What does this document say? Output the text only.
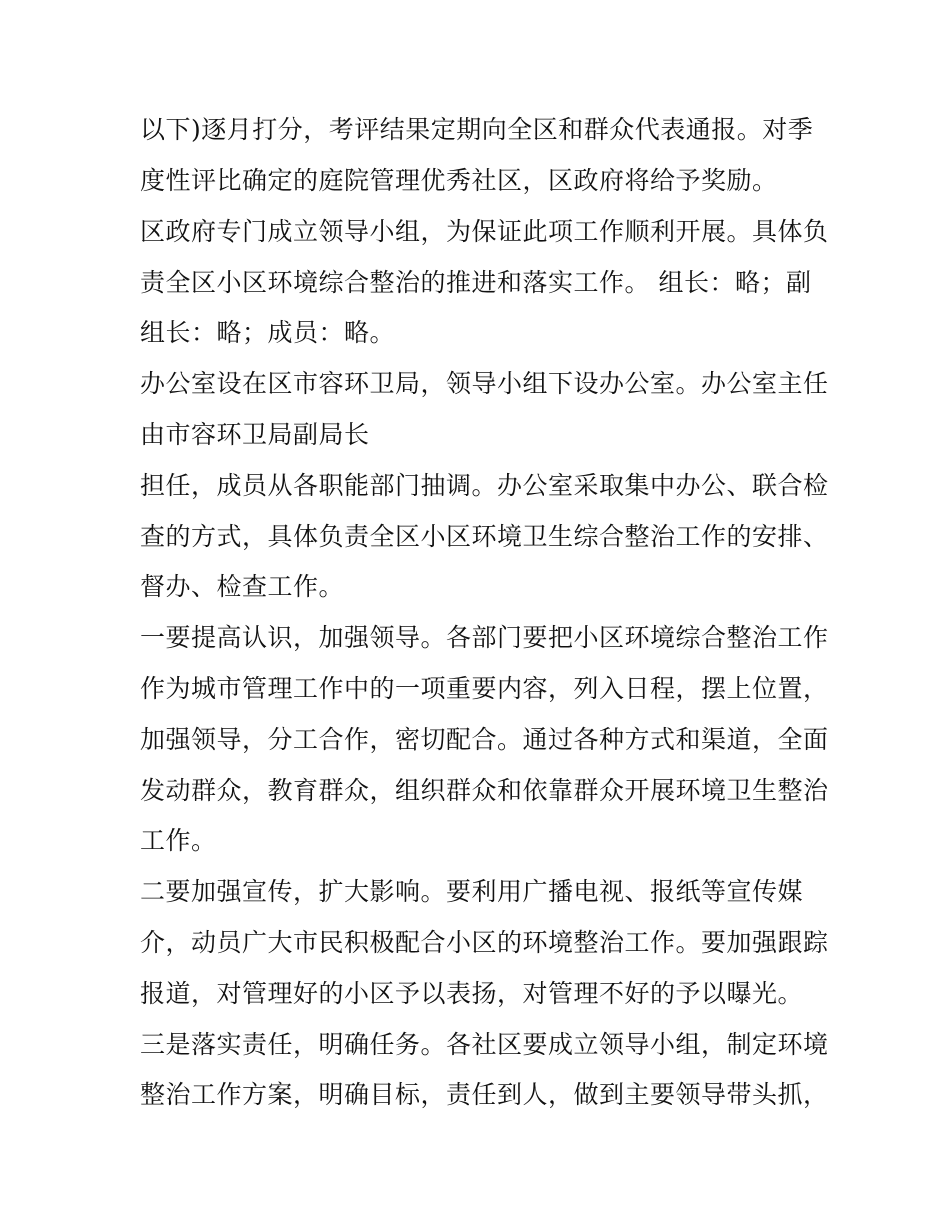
以下)逐月打分，考评结果定期向全区和群众代表通报。对季
度性评比确定的庭院管理优秀社区，区政府将给予奖励。
区政府专门成立领导小组，为保证此项工作顺利开展。具体负
责全区小区环境综合整治的推进和落实工作。 组长：略；副
组长：略；成员：略。
办公室设在区市容环卫局，领导小组下设办公室。办公室主任
由市容环卫局副局长
担任，成员从各职能部门抽调。办公室采取集中办公、联合检
查的方式，具体负责全区小区环境卫生综合整治工作的安排、
督办、检查工作。
一要提高认识，加强领导。各部门要把小区环境综合整治工作
作为城市管理工作中的一项重要内容，列入日程，摆上位置，
加强领导，分工合作，密切配合。通过各种方式和渠道，全面
发动群众，教育群众，组织群众和依靠群众开展环境卫生整治
工作。
二要加强宣传，扩大影响。要利用广播电视、报纸等宣传媒
介，动员广大市民积极配合小区的环境整治工作。要加强跟踪
报道，对管理好的小区予以表扬，对管理不好的予以曝光。
三是落实责任，明确任务。各社区要成立领导小组，制定环境
整治工作方案，明确目标，责任到人，做到主要领导带头抓，
